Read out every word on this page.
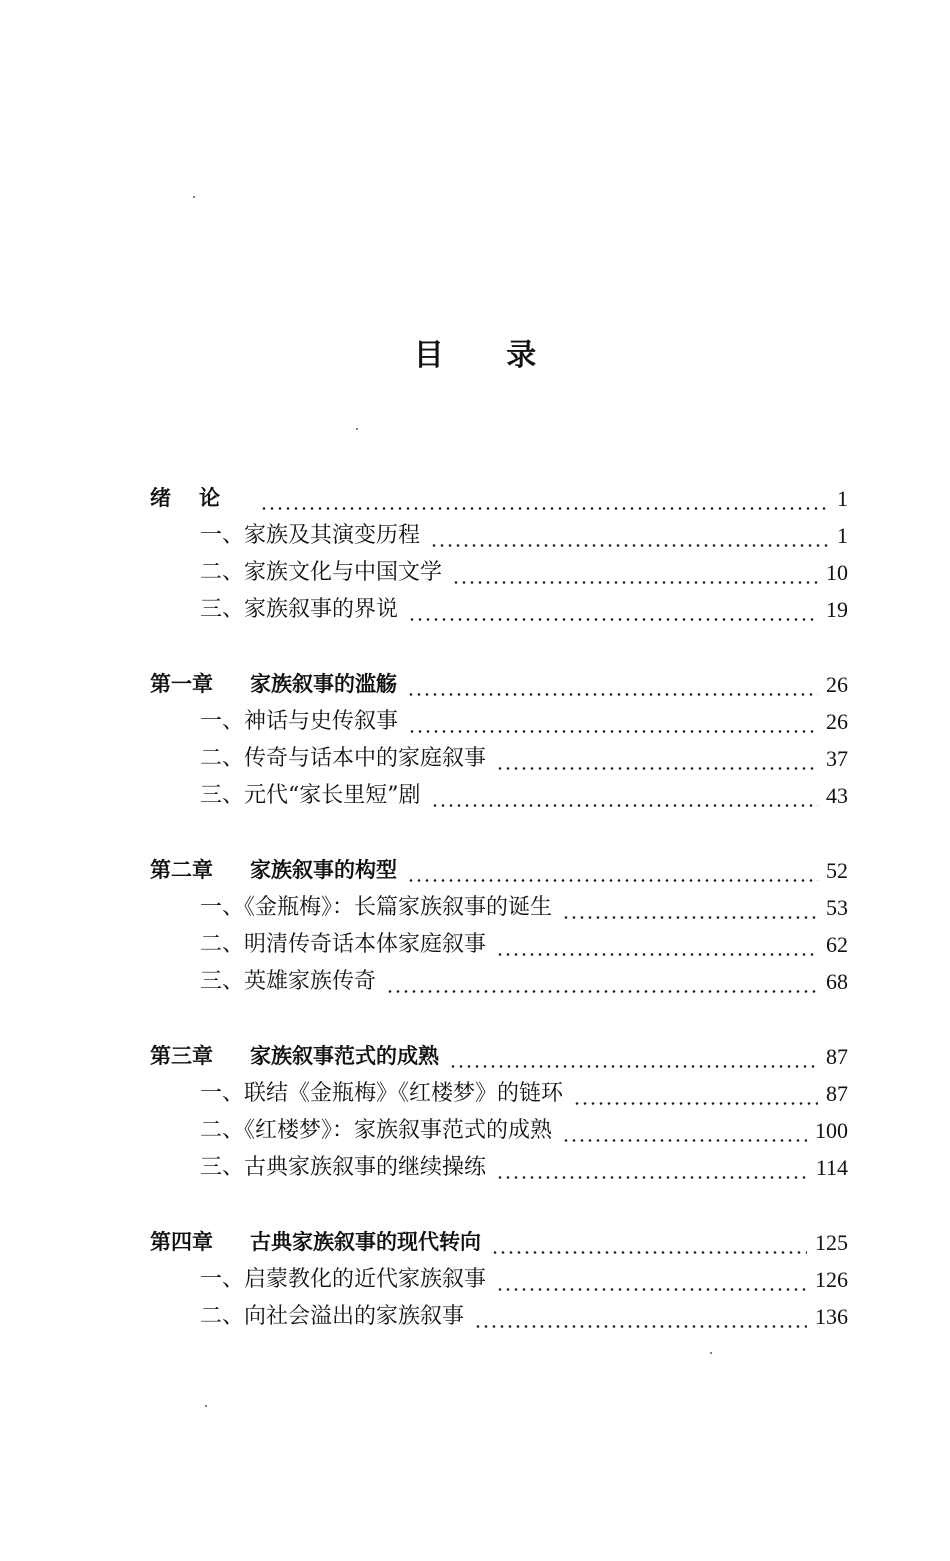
目 录
绪论	1
一、家族及其演变历程	1
二、家族文化与中国文学	10
三、家族叙事的界说	19
第一章 家族叙事的滥觞	26
一、神话与史传叙事	26
二、传奇与话本中的家庭叙事	37
三、元代“家长里短”剧	43
第二章 家族叙事的构型	52
一、《金瓶梅》：长篇家族叙事的诞生	53
二、明清传奇话本体家庭叙事	62
三、英雄家族传奇	68
第三章 家族叙事范式的成熟	87
一、联结《金瓶梅》《红楼梦》的链环	87
二、《红楼梦》：家族叙事范式的成熟	100
三、古典家族叙事的继续操练	114
第四章 古典家族叙事的现代转向	125
一、启蒙教化的近代家族叙事	126
二、向社会溢出的家族叙事	136
